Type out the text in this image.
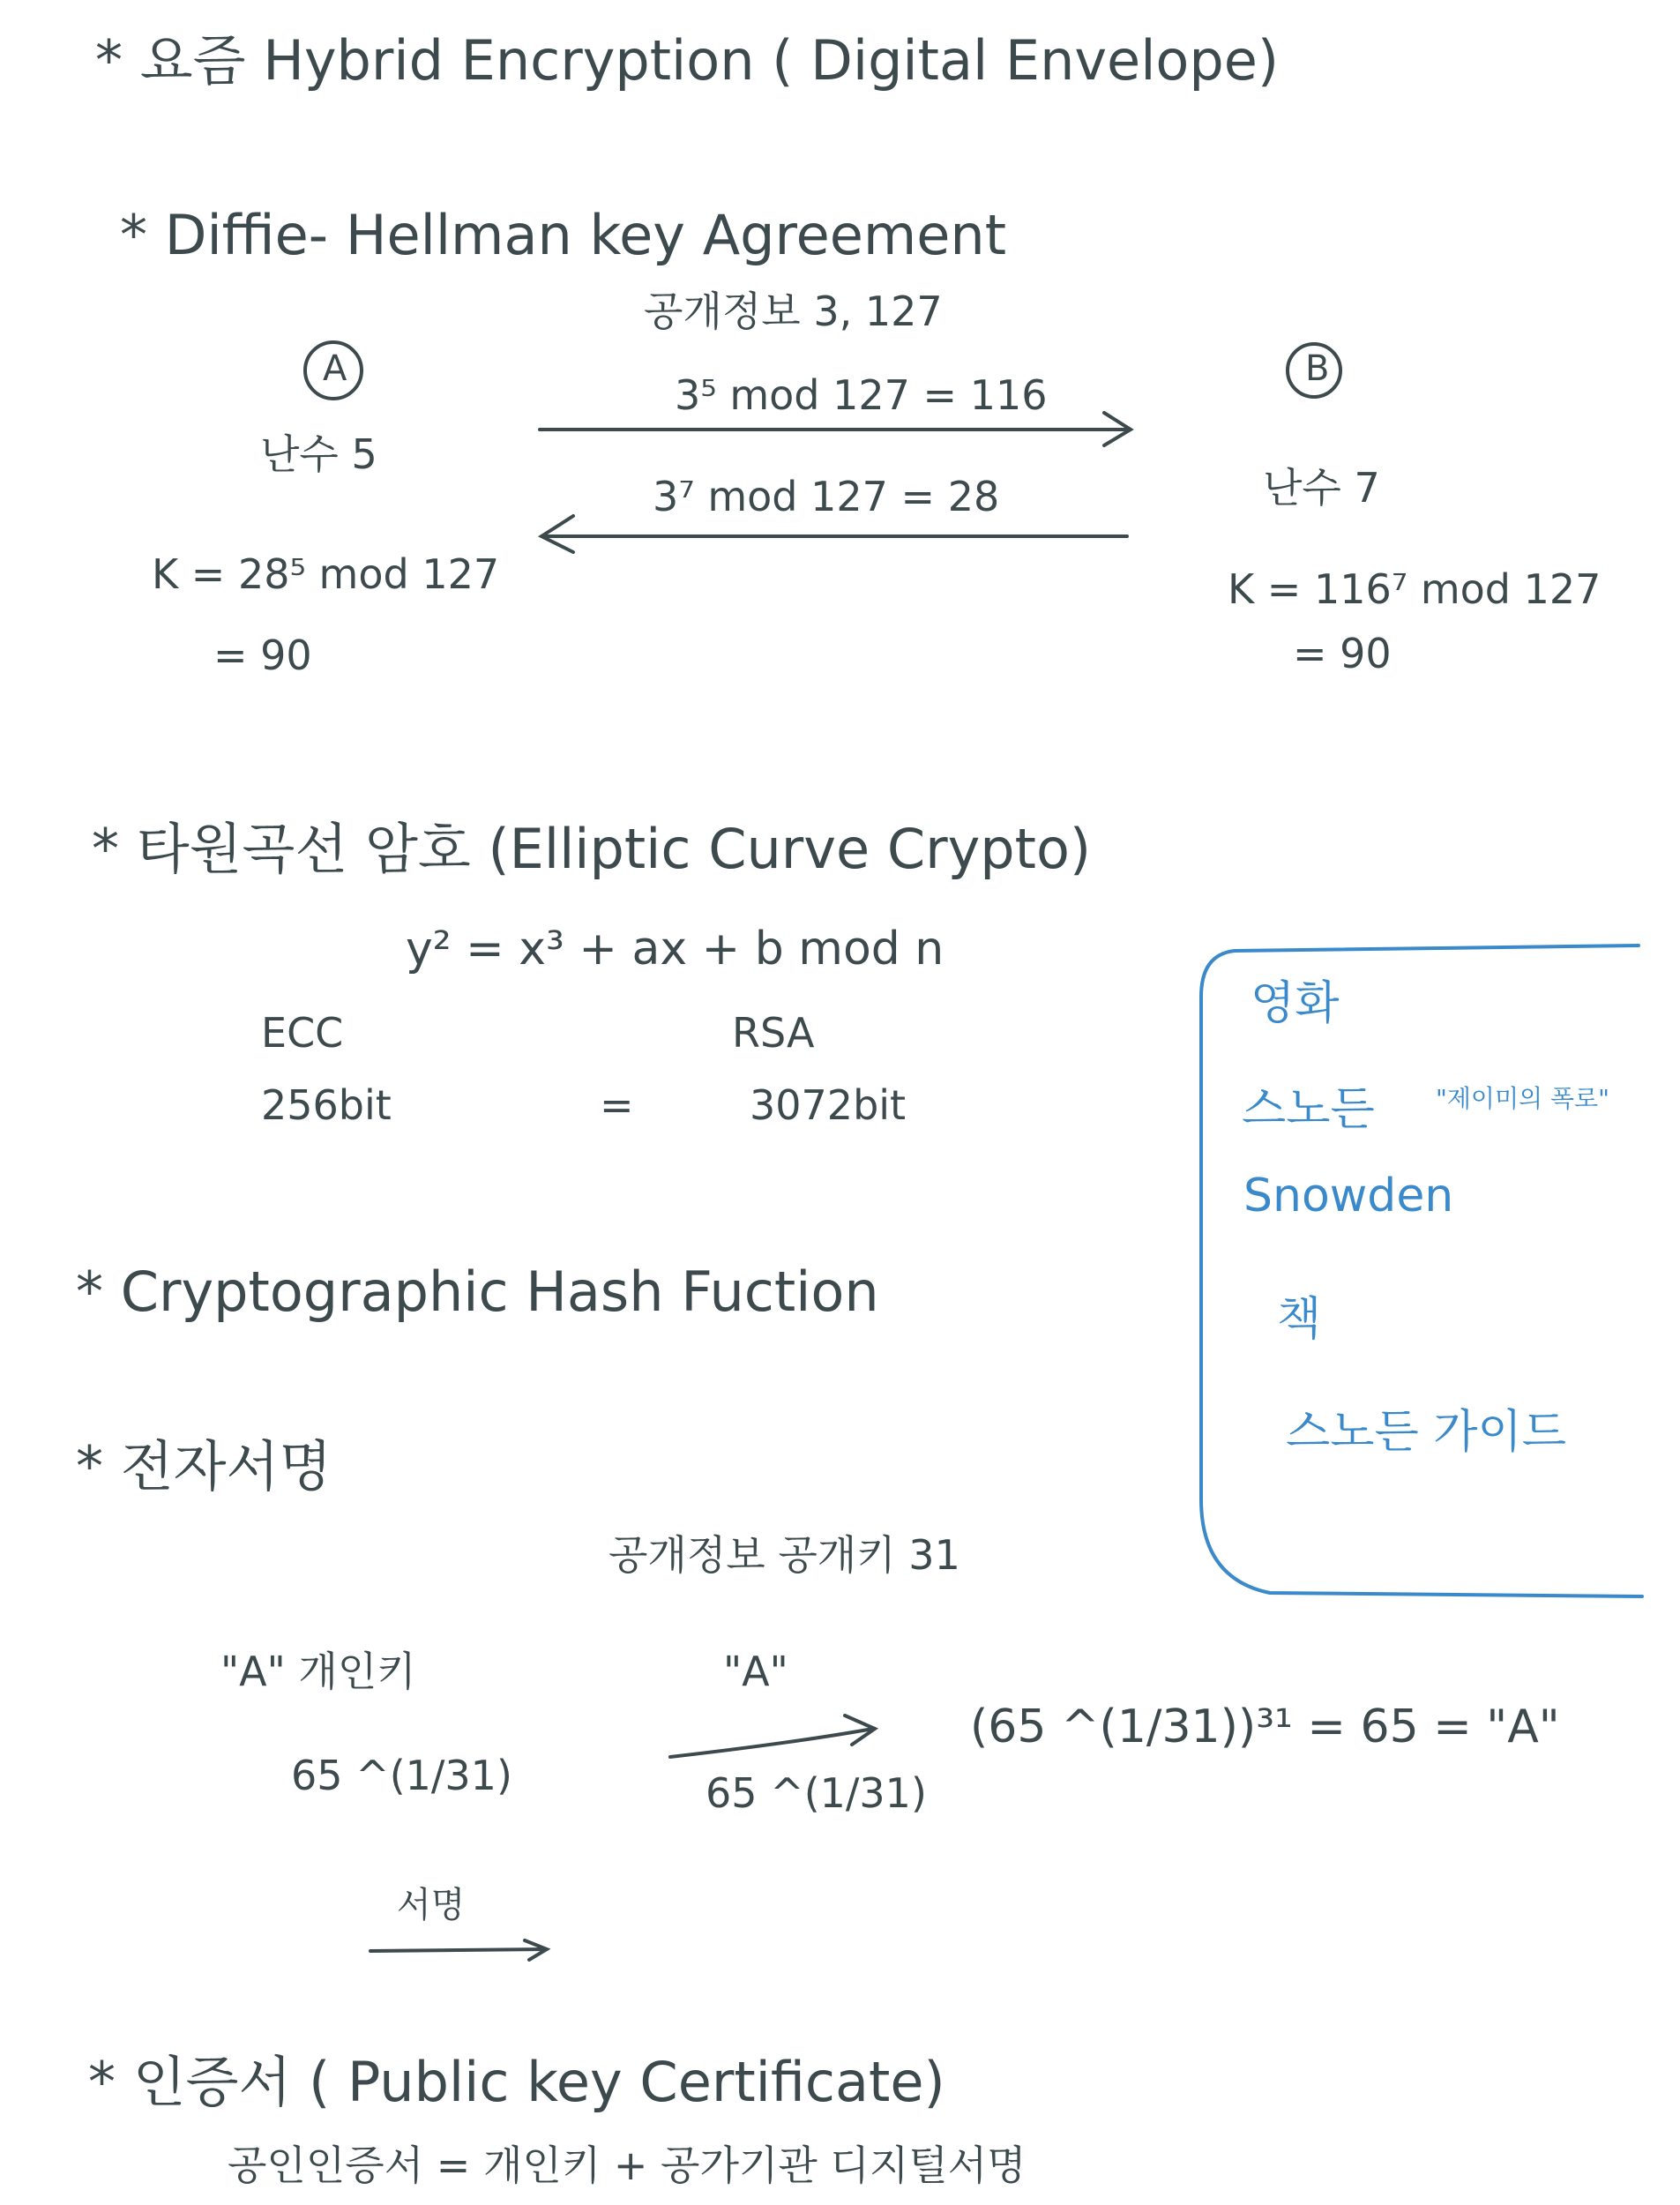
* 요즘 Hybrid Encryption ( Digital Envelope)
* Diffie- Hellman key Agreement
공개정보 3, 127
A	B
난수 5
난수 7
3⁵ mod 127 = 116
3⁷ mod 127 = 28
K = 28⁵ mod 127
= 90
K = 116⁷ mod 127
= 90
* 타원곡선 암호 (Elliptic Curve Crypto)
y² = x³ + ax + b mod n
ECC
256bit	=
RSA
3072bit
* Cryptographic Hash Fuction
* 전자서명
공개정보 공개키 31
"A" 개인키
65 ^(1/31)
서명
"A"
65 ^(1/31)
(65 ^(1/31))³¹ = 65 = "A"
* 인증서 ( Public key Certificate)
공인인증서 = 개인키 + 공가기관 디지털서명
영화
스노든 "제이미의 폭로"
Snowden
책
스노든 가이드
